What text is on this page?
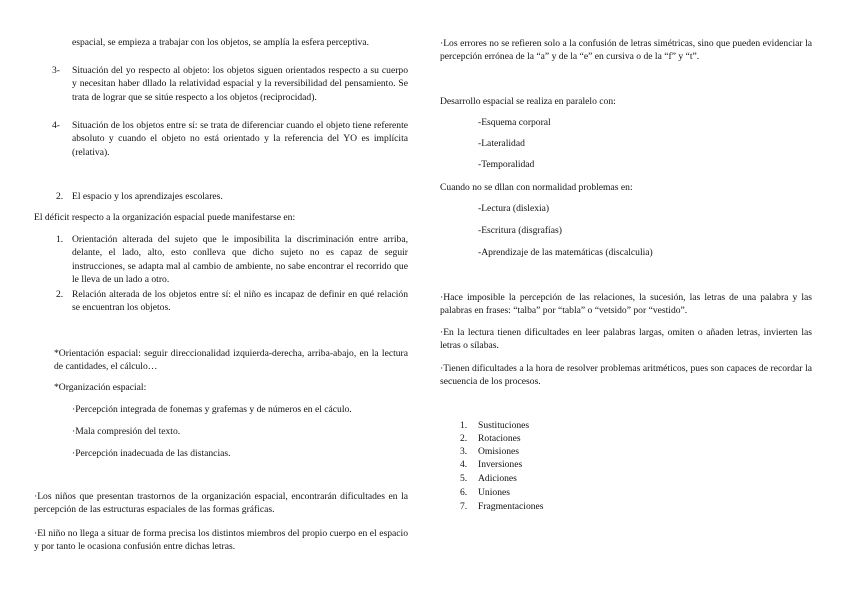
espacial, se empieza a trabajar con los objetos, se amplía la esfera perceptiva.

3- Situación del yo respecto al objeto: los objetos siguen orientados respecto a su cuerpo y necesitan haber dllado la relatividad espacial y la reversibilidad del pensamiento. Se trata de lograr que se sitúe respecto a los objetos (reciprocidad).
4- Situación de los objetos entre sí: se trata de diferenciar cuando el objeto tiene referente absoluto y cuando el objeto no está orientado y la referencia del YO es implícita (relativa).
2. El espacio y los aprendizajes escolares.

El déficit respecto a la organización espacial puede manifestarse en:

1. Orientación alterada del sujeto que le imposibilita la discriminación entre arriba, delante, el lado, alto, esto conlleva que dicho sujeto no es capaz de seguir instrucciones, se adapta mal al cambio de ambiente, no sabe encontrar el recorrido que le lleva de un lado a otro.
2. Relación alterada de los objetos entre sí: el niño es incapaz de definir en qué relación se encuentran los objetos.

*Orientación espacial: seguir direccionalidad izquierda-derecha, arriba-abajo, en la lectura de cantidades, el cálculo…

*Organización espacial:

·Percepción integrada de fonemas y grafemas y de números en el cáculo.

·Mala compresión del texto.

·Percepción inadecuada de las distancias.

·Los niños que presentan trastornos de la organización espacial, encontrarán dificultades en la percepción de las estructuras espaciales de las formas gráficas.

·El niño no llega a situar de forma precisa los distintos miembros del propio cuerpo en el espacio y por tanto le ocasiona confusión entre dichas letras.

·Los errores no se refieren solo a la confusión de letras simétricas, sino que pueden evidenciar la percepción errónea de la “a” y de la “e” en cursiva o de la “f” y “t”.

Desarrollo espacial se realiza en paralelo con:

-Esquema corporal

-Lateralidad

-Temporalidad

Cuando no se dllan con normalidad problemas en:

-Lectura (dislexia)

-Escritura (disgrafías)

-Aprendizaje de las matemáticas (discalculia)

·Hace imposible la percepción de las relaciones, la sucesión, las letras de una palabra y las palabras en frases: “talba” por “tabla” o “vetsido” por “vestido”.

·En la lectura tienen dificultades en leer palabras largas, omiten o añaden letras, invierten las letras o sílabas.

·Tienen dificultades a la hora de resolver problemas aritméticos, pues son capaces de recordar la secuencia de los procesos.

1. Sustituciones
2. Rotaciones
3. Omisiones
4. Inversiones
5. Adiciones
6. Uniones
7. Fragmentaciones
